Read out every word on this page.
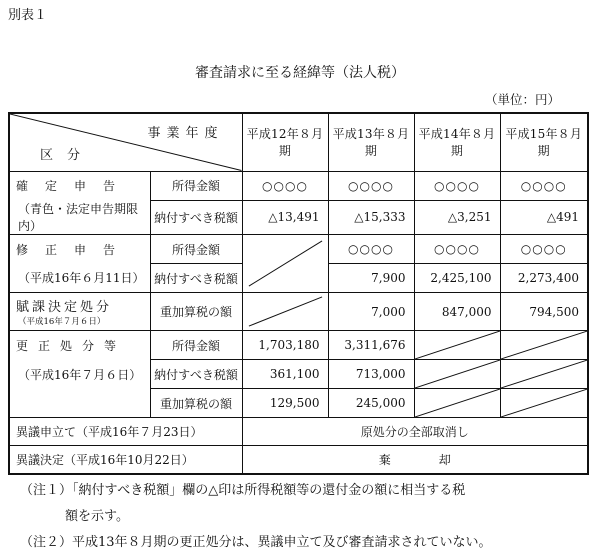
別表１
審査請求に至る経緯等（法人税）
（単位：円）
事業年度
区分		平成12年８月期	平成13年８月期	平成14年８月期	平成15年８月期
確定申告	所得金額	○○○○	○○○○	○○○○	○○○○
（青色・法定申告期限内）	納付すべき税額	△13,491	△15,333	△3,251	△491
修正申告	所得金額		○○○○	○○○○	○○○○
（平成16年６月11日）	納付すべき税額		7,900	2,425,100	2,273,400

賦課決定処分
（平成16年７月６日）	重加算税の額		7,000	847,000	794,500
更正処分等	所得金額	1,703,180	3,311,676	

（平成16年７月６日）	納付すべき税額	361,100	713,000	

	重加算税の額	129,500	245,000	

異議申立て（平成16年７月23日）		原処分の全部取消し			
異議決定（平成16年10月22日）		棄　　　　却			
（注１）「納付すべき税額」欄の△印は所得税額等の還付金の額に相当する税
額を示す。
（注２）平成13年８月期の更正処分は、異議申立て及び審査請求されていない。
